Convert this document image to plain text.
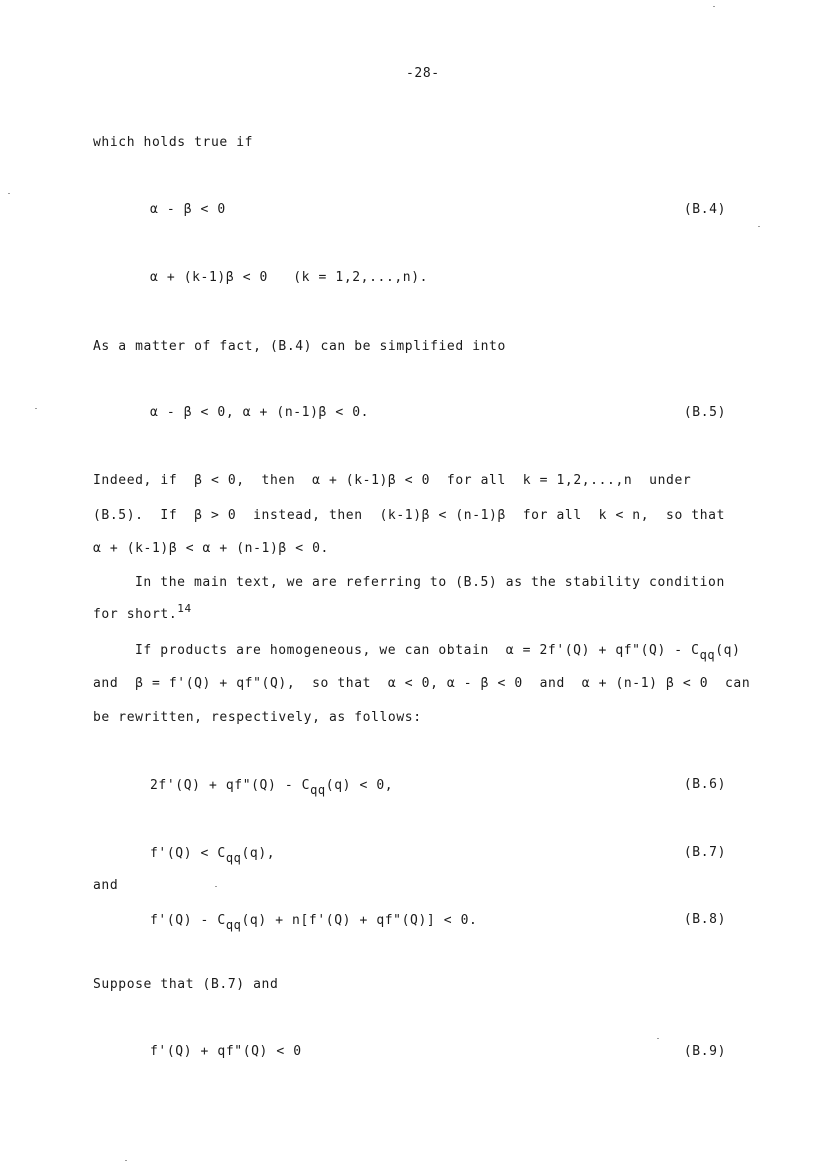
-28-
which holds true if
α - β < 0	(B.4)
α + (k-1)β < 0   (k = 1,2,...,n).
As a matter of fact, (B.4) can be simplified into
α - β < 0, α + (n-1)β < 0.	(B.5)
Indeed, if  β < 0,  then  α + (k-1)β < 0  for all  k = 1,2,...,n  under
(B.5).  If  β > 0  instead, then  (k-1)β < (n-1)β  for all  k < n,  so that
α + (k-1)β < α + (n-1)β < 0.
In the main text, we are referring to (B.5) as the stability condition
for short.$^{14}$
If products are homogeneous, we can obtain  α = 2f'(Q) + qf"(Q) - Cqq(q)
and  β = f'(Q) + qf"(Q),  so that  α < 0, α - β < 0  and  α + (n-1) β < 0  can
be rewritten, respectively, as follows:
2f'(Q) + qf"(Q) - Cqq(q) < 0,	(B.6)
f'(Q) < Cqq(q),	(B.7)
and
f'(Q) - Cqq(q) + n[f'(Q) + qf"(Q)] < 0.	(B.8)
Suppose that (B.7) and
f'(Q) + qf"(Q) < 0	(B.9)
